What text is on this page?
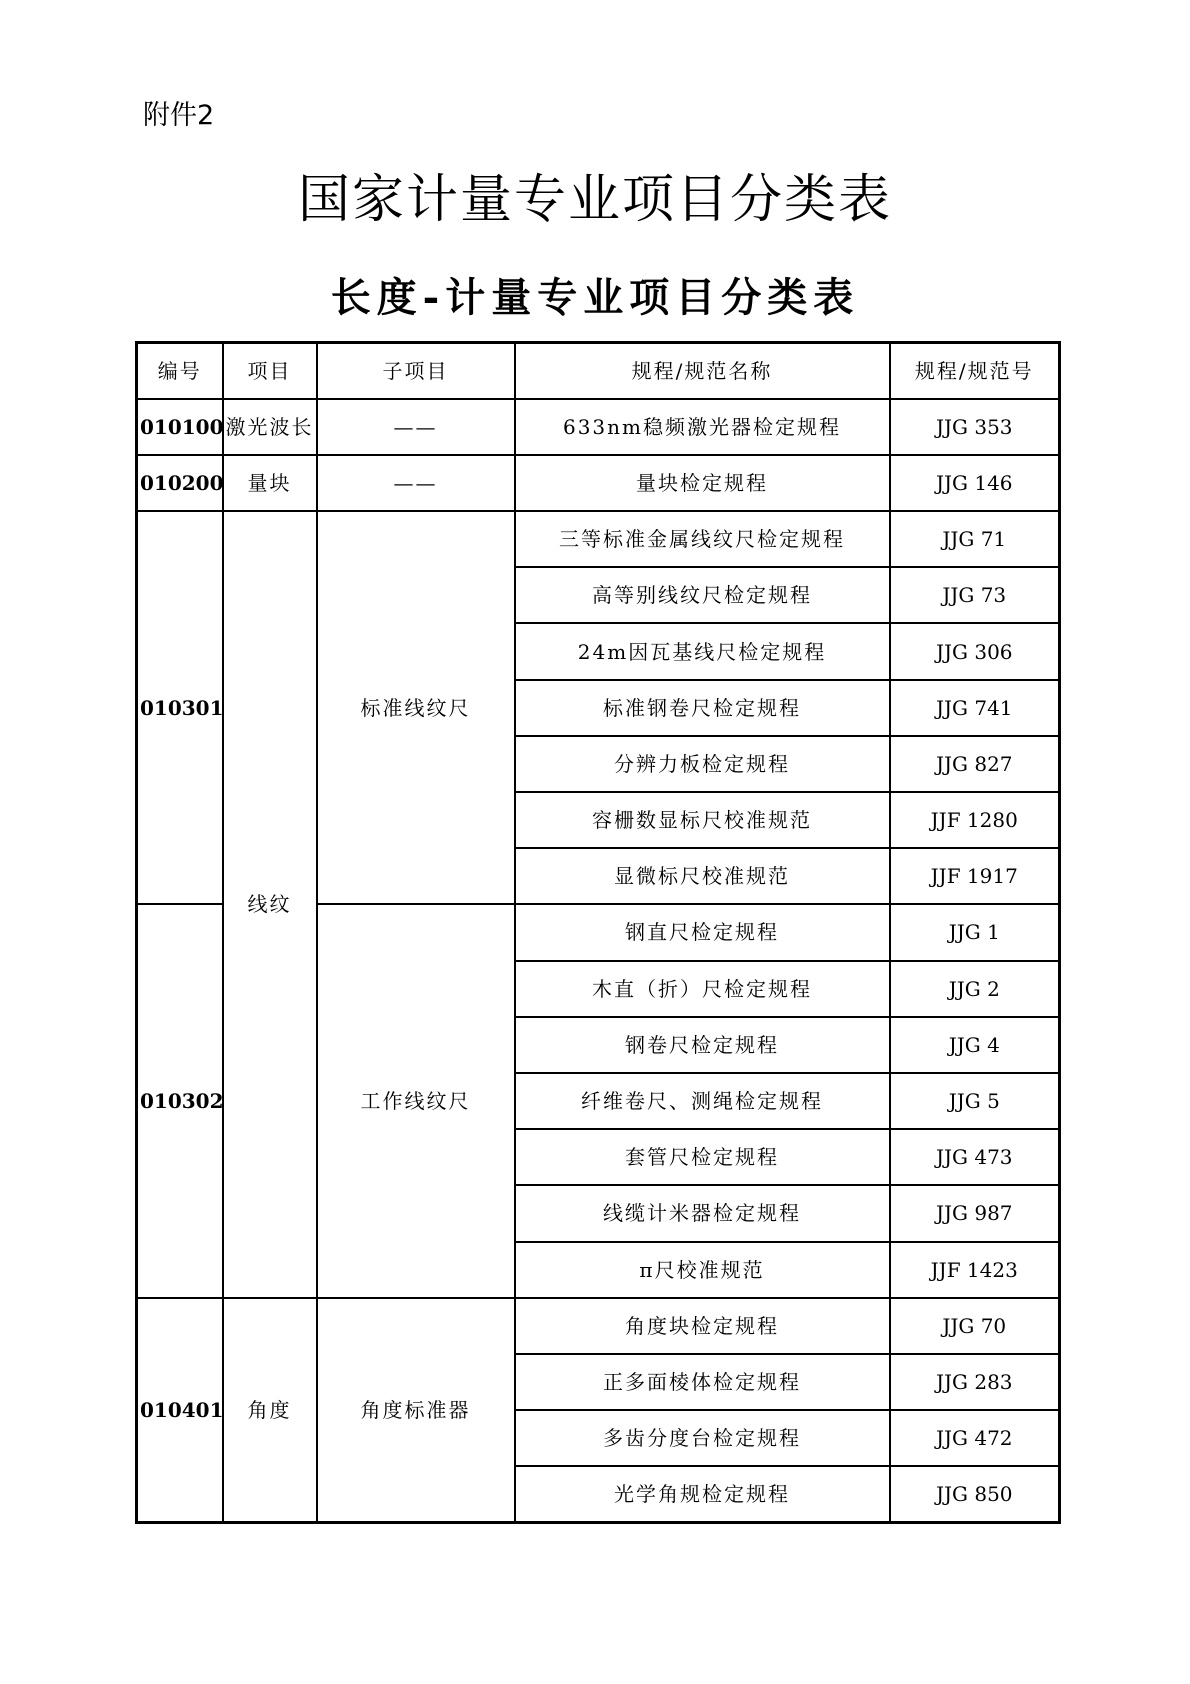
附件2
国家计量专业项目分类表
长度-计量专业项目分类表
编号	项目	子项目	规程/规范名称	规程/规范号
010100	激光波长	——	633nm稳频激光器检定规程	JJG 353
010200	量块	——	量块检定规程	JJG 146
010301	线纹	标准线纹尺	三等标准金属线纹尺检定规程	JJG 71
			高等别线纹尺检定规程	JJG 73
			24m因瓦基线尺检定规程	JJG 306
			标准钢卷尺检定规程	JJG 741
			分辨力板检定规程	JJG 827
			容栅数显标尺校准规范	JJF 1280
			显微标尺校准规范	JJF 1917
010302		工作线纹尺	钢直尺检定规程	JJG 1
			木直（折）尺检定规程	JJG 2
			钢卷尺检定规程	JJG 4
			纤维卷尺、测绳检定规程	JJG 5
			套管尺检定规程	JJG 473
			线缆计米器检定规程	JJG 987
			π尺校准规范	JJF 1423
010401	角度	角度标准器	角度块检定规程	JJG 70
			正多面棱体检定规程	JJG 283
			多齿分度台检定规程	JJG 472
			光学角规检定规程	JJG 850
